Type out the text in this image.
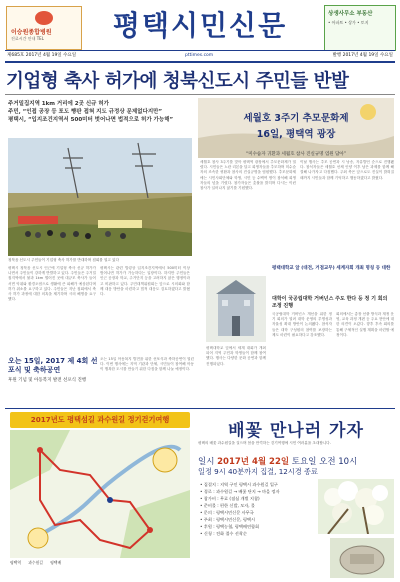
이승원종합병원
진료시간 안내 TEL	평택시민신문	상생사무소 부동산
• 아파트 • 상가 • 토지
제685호 2017년 4월 19일 수요일	pttimes.com	발행 2017년 4월 19일 수요일
기업형 축사 허가에 청북신도시 주민들 반발

주거밀집지역 1km 거리에 2곳 신규 허가

주민, “인접 공장 등 포도 빵판 접혀 지도 규정상 문제없다지만”

평택시, “입지조건지역서 500미터 벗어나면 법적으로 허가 가능해”

청북읍 신도시 주민들이 기업형 축사 허가를 반대하며 집회를 열고 있다
평택시 청북읍 신도시 인근에 기업형 축사 신규 허가가 나면서 주민들이 강하게 반발하고 있다. 주민들은 주거밀집지역에서 불과 1km 떨어진 곳에 대규모 축사가 들어서면 악취와 환경오염으로 생활에 큰 피해가 예상된다며 허가 취소를 요구하고 있다. 주민들은 지난 집회에서 축사 허가 과정에 대한 의혹을 제기하며 시의 해명을 요구했다.
평택시는 관련 법령상 입지조건지역에서 500미터 이상 벗어나면 허가가 가능하다는 입장이다. 하지만 주민들은 인근 공장과 학교, 주거단지 등을 고려하지 않은 행정이라고 비판하고 있다. 주민대책위원회는 앞으로 시의회와 함께 대응 방안을 마련하고 법적 대응도 검토하겠다고 밝혔다.
세월호 3주기 추모문화제
16일, 평택역 광장
“미수습자 귀환과 세월호 참사 진실규명 염원 담아”
세월호 참사 3주기를 맞아 평택역 광장에서 추모문화제가 열렸다. 시민들은 노란 리본을 달고 희생자들을 추모하며 미수습자의 조속한 귀환과 참사의 진실규명을 염원했다. 추모문화제에는 시민사회단체와 학생, 시민 등 수백여 명이 참석해 희생자들의 넋을 기렸다. 참가자들은 촛불을 밝히며 다시는 이런 참사가 일어나지 않기를 기원했다.
이날 행사는 추모 공연과 시 낭송, 자유발언 순으로 진행됐다. 참석자들은 세월호 선체 인양 이후 남은 과제를 함께 해결해 나가자고 다짐했다. 주최 측은 앞으로도 진실이 밝혀질 때까지 시민들과 함께 기억하고 행동하겠다고 밝혔다.
평택대학교 앞 (대전, 거점교무) 세계자회 개최 명칭 등 대한
대학이 국공립대학 거버넌스 주도 한다 등 정 기 회의 조정 진행
평택대학교 앞에서 세계 대회가 개최되어 지역 주민과 학생들이 함께 참여했다. 행사는 다양한 문화 공연과 함께 진행되었다.
국공립대학 거버넌스 개선을 위한 정기 회의가 열려 대학 운영의 투명성과 자율성 확대 방안이 논의됐다. 참석자들은 대학 구성원의 참여를 보장하는 제도 마련이 필요하다고 강조했다.
회의에서는 총장 선출 방식과 재정 운영, 교육 과정 개편 등 주요 현안에 대한 의견이 오갔다. 향후 후속 회의를 통해 구체적인 실행 계획을 마련할 예정이다.
오는 15일, 2017 제 4회 선포식 및 축하공연
후원 기념 및 아동복지 발전 선포식 진행
오는 15일 아동복지 발전을 위한 선포식과 축하공연이 열린다. 이번 행사에는 지역 기관과 단체, 시민들이 참여해 아동이 행복한 도시를 만들기 위한 다짐을 함께 나눌 예정이다.
2017년도 평택섬길 과수원길 정기걷기여행
평택역 과수원길 평택배
배꽃 만나러 가자
평택의 배꽃 과수원길을 걸으며 봄을 만끽하는 걷기여행에 시민 여러분을 초대합니다.
일시 2017년 4월 22일 토요일 오전 10시
일정 9시 40분까지 집결, 12시경 종료
• 집결지 : 지역 구인 평택시 과수원길 입구
• 경로 : 과수원길 → 배꽃 단지 → 마을 정자
• 참가비 : 무료 (점심 개별 지참)
• 준비물 : 편한 신발, 모자, 물
• 문의 : 평택시민신문 사무국
• 주최 : 평택시민신문, 평택시
• 후원 : 평택농협, 평택배연합회
• 신청 : 전화 접수 선착순
